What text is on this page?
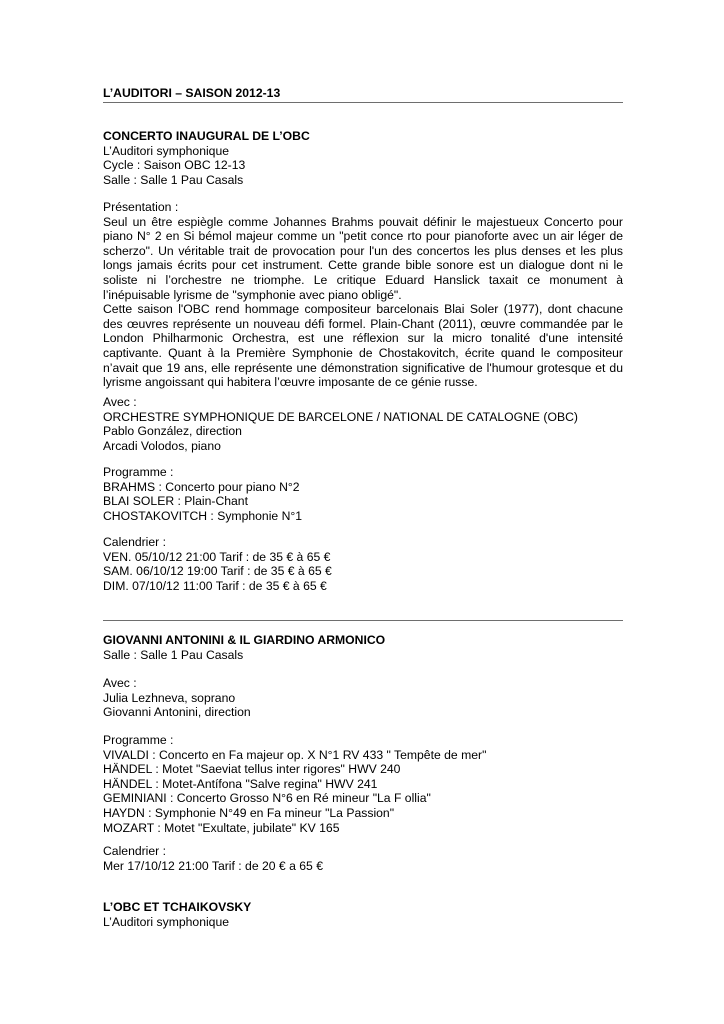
L’AUDITORI – SAISON 2012-13
CONCERTO INAUGURAL DE L’OBC
L’Auditori symphonique
Cycle : Saison OBC 12-13
Salle : Salle 1 Pau Casals
Présentation :
Seul un être espiègle comme Johannes Brahms pouvait définir le majestueux Concerto pour
piano N° 2 en Si bémol majeur comme un "petit conce rto pour pianoforte avec un air léger de
scherzo". Un véritable trait de provocation pour l'un des concertos les plus denses et les plus
longs jamais écrits pour cet instrument. Cette grande bible sonore est un dialogue dont ni le
soliste ni l’orchestre ne triomphe. Le critique Eduard Hanslick taxait ce monument à
l’inépuisable lyrisme de "symphonie avec piano obligé".
Cette saison l'OBC rend hommage compositeur barcelonais Blai Soler (1977), dont chacune
des œuvres représente un nouveau défi formel. Plain-Chant (2011), œuvre commandée par le
London Philharmonic Orchestra, est une réflexion sur la micro tonalité d'une intensité
captivante. Quant à la Première Symphonie de Chostakovitch, écrite quand le compositeur
n’avait que 19 ans, elle représente une démonstration significative de l'humour grotesque et du
lyrisme angoissant qui habitera l’œuvre imposante de ce génie russe.
Avec :
ORCHESTRE SYMPHONIQUE DE BARCELONE / NATIONAL DE CATALOGNE (OBC)
Pablo González, direction
Arcadi Volodos, piano
Programme :
BRAHMS : Concerto pour piano N°2
BLAI SOLER : Plain-Chant
CHOSTAKOVITCH : Symphonie N°1
Calendrier :
VEN. 05/10/12 21:00 Tarif : de 35 € à 65 €
SAM. 06/10/12 19:00 Tarif : de 35 € à 65 €
DIM. 07/10/12 11:00 Tarif : de 35 € à 65 €
GIOVANNI ANTONINI & IL GIARDINO ARMONICO
Salle : Salle 1 Pau Casals
Avec :
Julia Lezhneva, soprano
Giovanni Antonini, direction
Programme :
VIVALDI : Concerto en Fa majeur op. X N°1 RV 433 " Tempête de mer"
HÄNDEL : Motet "Saeviat tellus inter rigores" HWV 240
HÄNDEL : Motet-Antífona "Salve regina" HWV 241
GEMINIANI : Concerto Grosso N°6 en Ré mineur "La F ollia"
HAYDN : Symphonie N°49 en Fa mineur "La Passion"
MOZART : Motet "Exultate, jubilate" KV 165
Calendrier :
Mer 17/10/12 21:00 Tarif : de 20 € a 65 €
L’OBC ET TCHAIKOVSKY
L’Auditori symphonique
